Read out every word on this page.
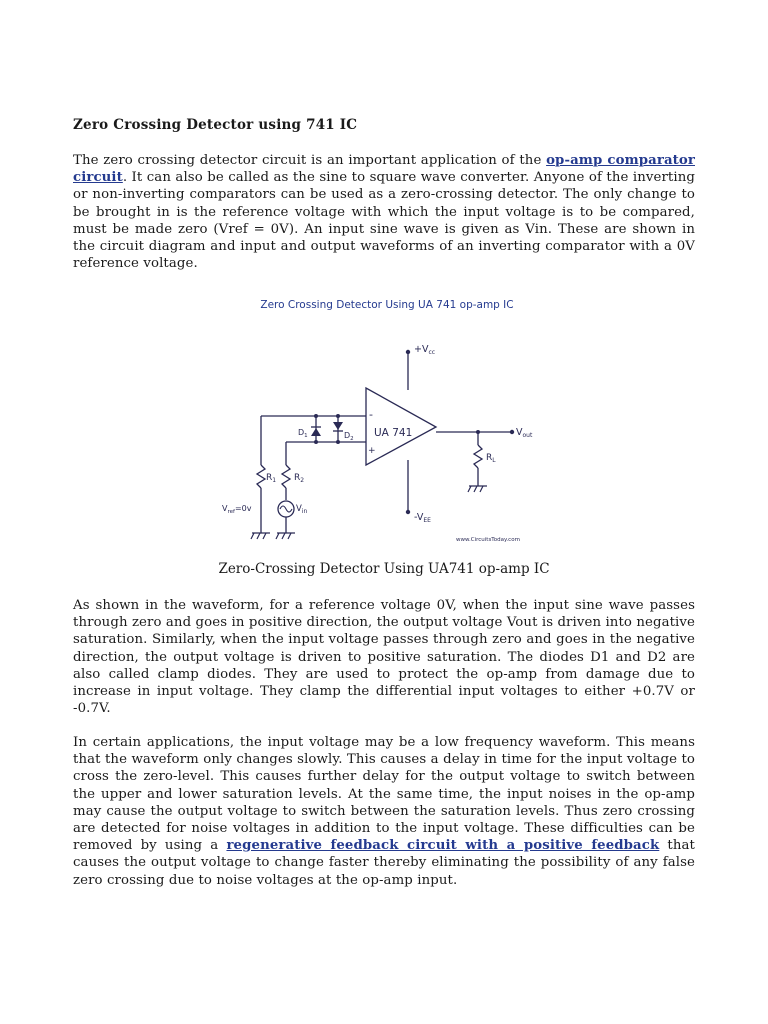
Zero Crossing Detector using 741 IC

The zero crossing detector circuit is an important application of the op-amp comparator circuit. It can also be called as the sine to square wave converter. Anyone of the inverting or non-inverting comparators can be used as a zero-crossing detector. The only change to be brought in is the reference voltage with which the input voltage is to be compared, must be made zero (Vref = 0V). An input sine wave is given as Vin. These are shown in the circuit diagram and input and output waveforms of an inverting comparator with a 0V reference voltage.

Zero Crossing Detector Using UA 741 op-amp IC
UA 741
-
+
$+V_{cc}$
$-V_{EE}$
$V_{out}$
$V_{ref}=0v$	$V_{in}$
$D_1$	$D_2$
$R_1$ $R_2$
$R_L$
www.CircuitsToday.com

Zero-Crossing Detector Using UA741 op-amp IC

As shown in the waveform, for a reference voltage 0V, when the input sine wave passes through zero and goes in positive direction, the output voltage Vout is driven into negative saturation. Similarly, when the input voltage passes through zero and goes in the negative direction, the output voltage is driven to positive saturation. The diodes D1 and D2 are also called clamp diodes. They are used to protect the op-amp from damage due to increase in input voltage. They clamp the differential input voltages to either +0.7V or -0.7V.

In certain applications, the input voltage may be a low frequency waveform. This means that the waveform only changes slowly. This causes a delay in time for the input voltage to cross the zero-level. This causes further delay for the output voltage to switch between the upper and lower saturation levels. At the same time, the input noises in the op-amp may cause the output voltage to switch between the saturation levels. Thus zero crossing are detected for noise voltages in addition to the input voltage. These difficulties can be removed by using a regenerative feedback circuit with a positive feedback that causes the output voltage to change faster thereby eliminating the possibility of any false zero crossing due to noise voltages at the op-amp input.
